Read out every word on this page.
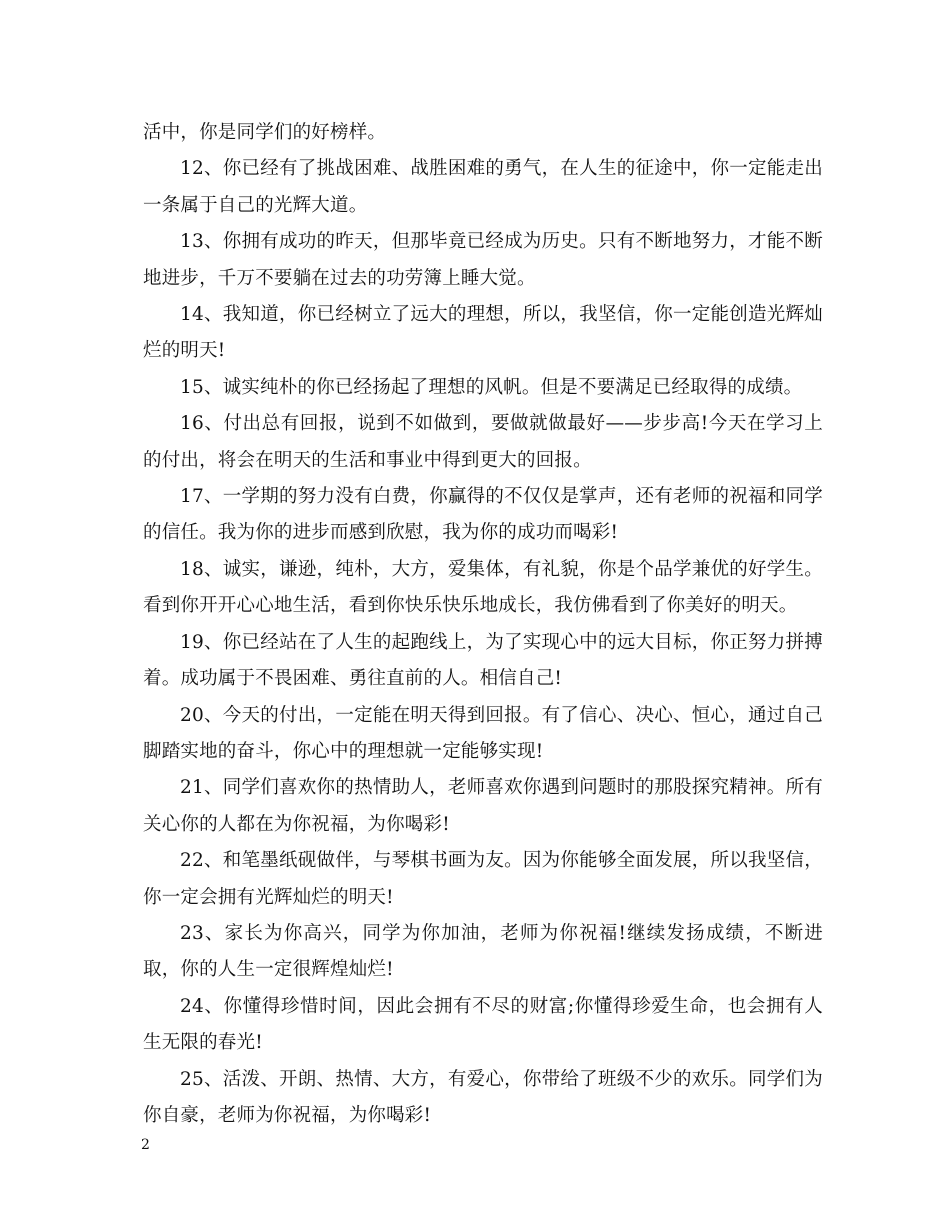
活中，你是同学们的好榜样。

12、你已经有了挑战困难、战胜困难的勇气，在人生的征途中，你一定能走出一条属于自己的光辉大道。

13、你拥有成功的昨天，但那毕竟已经成为历史。只有不断地努力，才能不断地进步，千万不要躺在过去的功劳簿上睡大觉。

14、我知道，你已经树立了远大的理想，所以，我坚信，你一定能创造光辉灿烂的明天!

15、诚实纯朴的你已经扬起了理想的风帆。但是不要满足已经取得的成绩。

16、付出总有回报，说到不如做到，要做就做最好——步步高!今天在学习上的付出，将会在明天的生活和事业中得到更大的回报。

17、一学期的努力没有白费，你赢得的不仅仅是掌声，还有老师的祝福和同学的信任。我为你的进步而感到欣慰，我为你的成功而喝彩!

18、诚实，谦逊，纯朴，大方，爱集体，有礼貌，你是个品学兼优的好学生。看到你开开心心地生活，看到你快乐快乐地成长，我仿佛看到了你美好的明天。

19、你已经站在了人生的起跑线上，为了实现心中的远大目标，你正努力拼搏着。成功属于不畏困难、勇往直前的人。相信自己!

20、今天的付出，一定能在明天得到回报。有了信心、决心、恒心，通过自己脚踏实地的奋斗，你心中的理想就一定能够实现!

21、同学们喜欢你的热情助人，老师喜欢你遇到问题时的那股探究精神。所有关心你的人都在为你祝福，为你喝彩!

22、和笔墨纸砚做伴，与琴棋书画为友。因为你能够全面发展，所以我坚信，你一定会拥有光辉灿烂的明天!

23、家长为你高兴，同学为你加油，老师为你祝福!继续发扬成绩，不断进取，你的人生一定很辉煌灿烂!

24、你懂得珍惜时间，因此会拥有不尽的财富;你懂得珍爱生命，也会拥有人生无限的春光!

25、活泼、开朗、热情、大方，有爱心，你带给了班级不少的欢乐。同学们为你自豪，老师为你祝福，为你喝彩!

2
